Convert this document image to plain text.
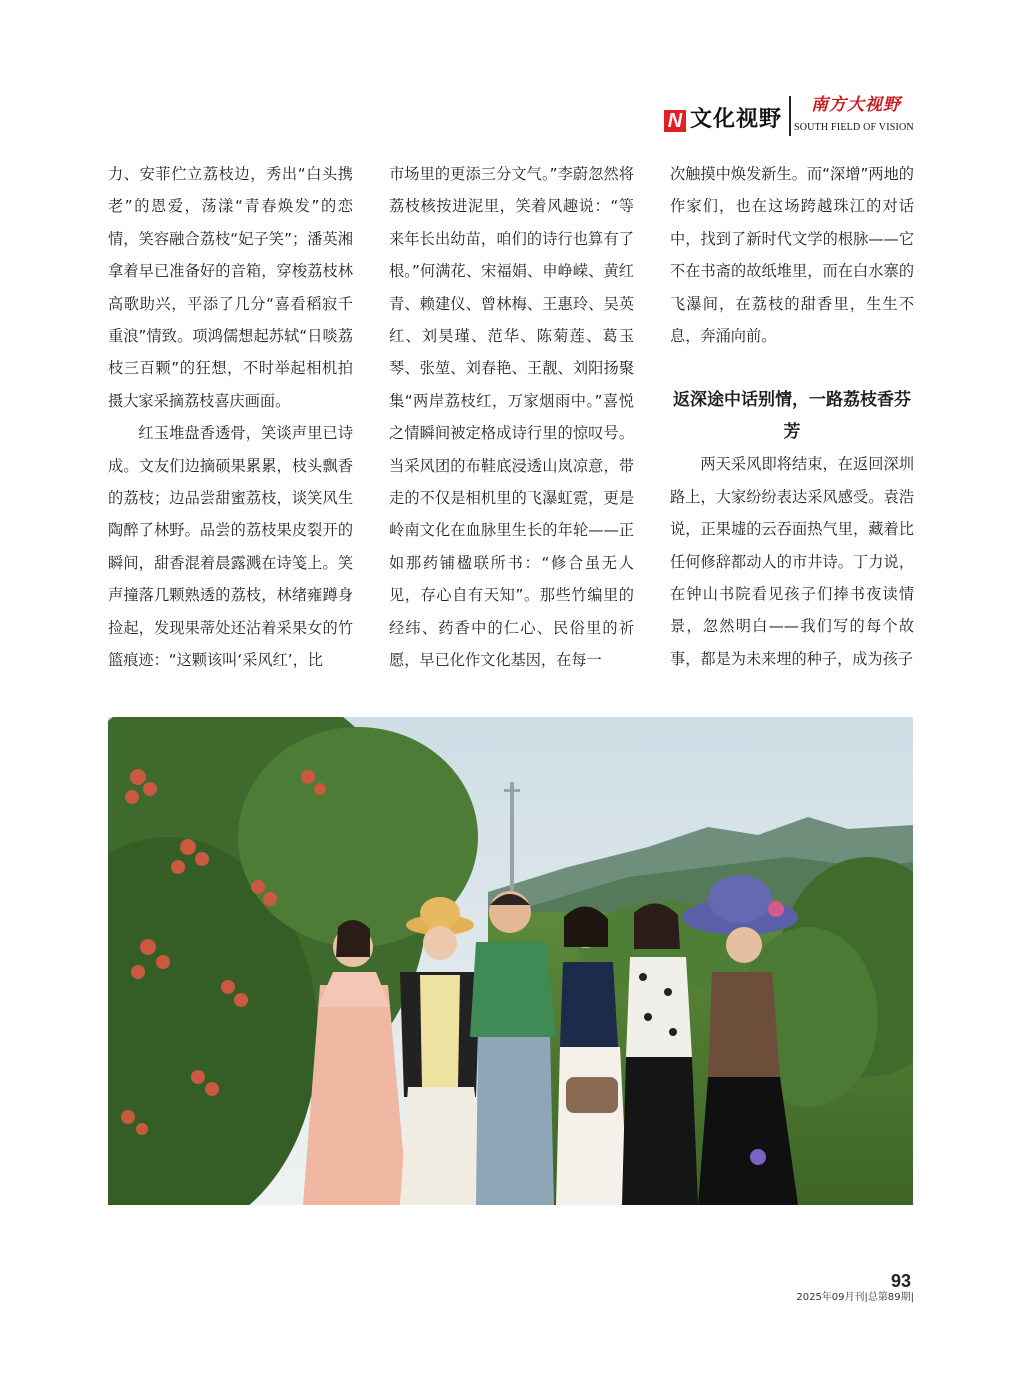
N 文化视野
南方大视野
SOUTH FIELD OF VISION

力、安菲伫立荔枝边，秀出“白头携老”的恩爱，荡漾“青春焕发”的恋情，笑容融合荔枝“妃子笑”；潘英湘拿着早已准备好的音箱，穿梭荔枝林高歌助兴，平添了几分“喜看稻寂千重浪”情致。项鸿儒想起苏轼“日啖荔枝三百颗”的狂想，不时举起相机拍摄大家采摘荔枝喜庆画面。

红玉堆盘香透骨，笑谈声里已诗成。文友们边摘硕果累累，枝头飘香的荔枝；边品尝甜蜜荔枝，谈笑风生陶醉了林野。品尝的荔枝果皮裂开的瞬间，甜香混着晨露溅在诗笺上。笑声撞落几颗熟透的荔枝，林绪雍蹲身捡起，发现果蒂处还沾着采果女的竹篮痕迹：“这颗该叫‘采风红’，比

市场里的更添三分文气。”李蔚忽然将荔枝核按进泥里，笑着风趣说：“等来年长出幼苗，咱们的诗行也算有了根。”何满花、宋福娟、申峥嵘、黄红青、赖建仪、曾林梅、王惠玲、吴英红、刘昊瑾、范华、陈菊莲、葛玉琴、张堃、刘春艳、王靓、刘阳扬聚集“两岸荔枝红，万家烟雨中。”喜悦之情瞬间被定格成诗行里的惊叹号。当采风团的布鞋底浸透山岚凉意，带走的不仅是相机里的飞瀑虹霓，更是岭南文化在血脉里生长的年轮——正如那药铺楹联所书：“修合虽无人见，存心自有天知”。那些竹编里的经纬、药香中的仁心、民俗里的祈愿，早已化作文化基因，在每一

次触摸中焕发新生。而“深增”两地的作家们，也在这场跨越珠江的对话中，找到了新时代文学的根脉——它不在书斋的故纸堆里，而在白水寨的飞瀑间，在荔枝的甜香里，生生不息，奔涌向前。

返深途中话别情，一路荔枝香芬芳

两天采风即将结束，在返回深圳路上，大家纷纷表达采风感受。袁浩说，正果墟的云吞面热气里，藏着比任何修辞都动人的市井诗。丁力说，在钟山书院看见孩子们捧书夜读情景，忽然明白——我们写的每个故事，都是为未来埋的种子，成为孩子

93
2025年09月刊|总第89期|
